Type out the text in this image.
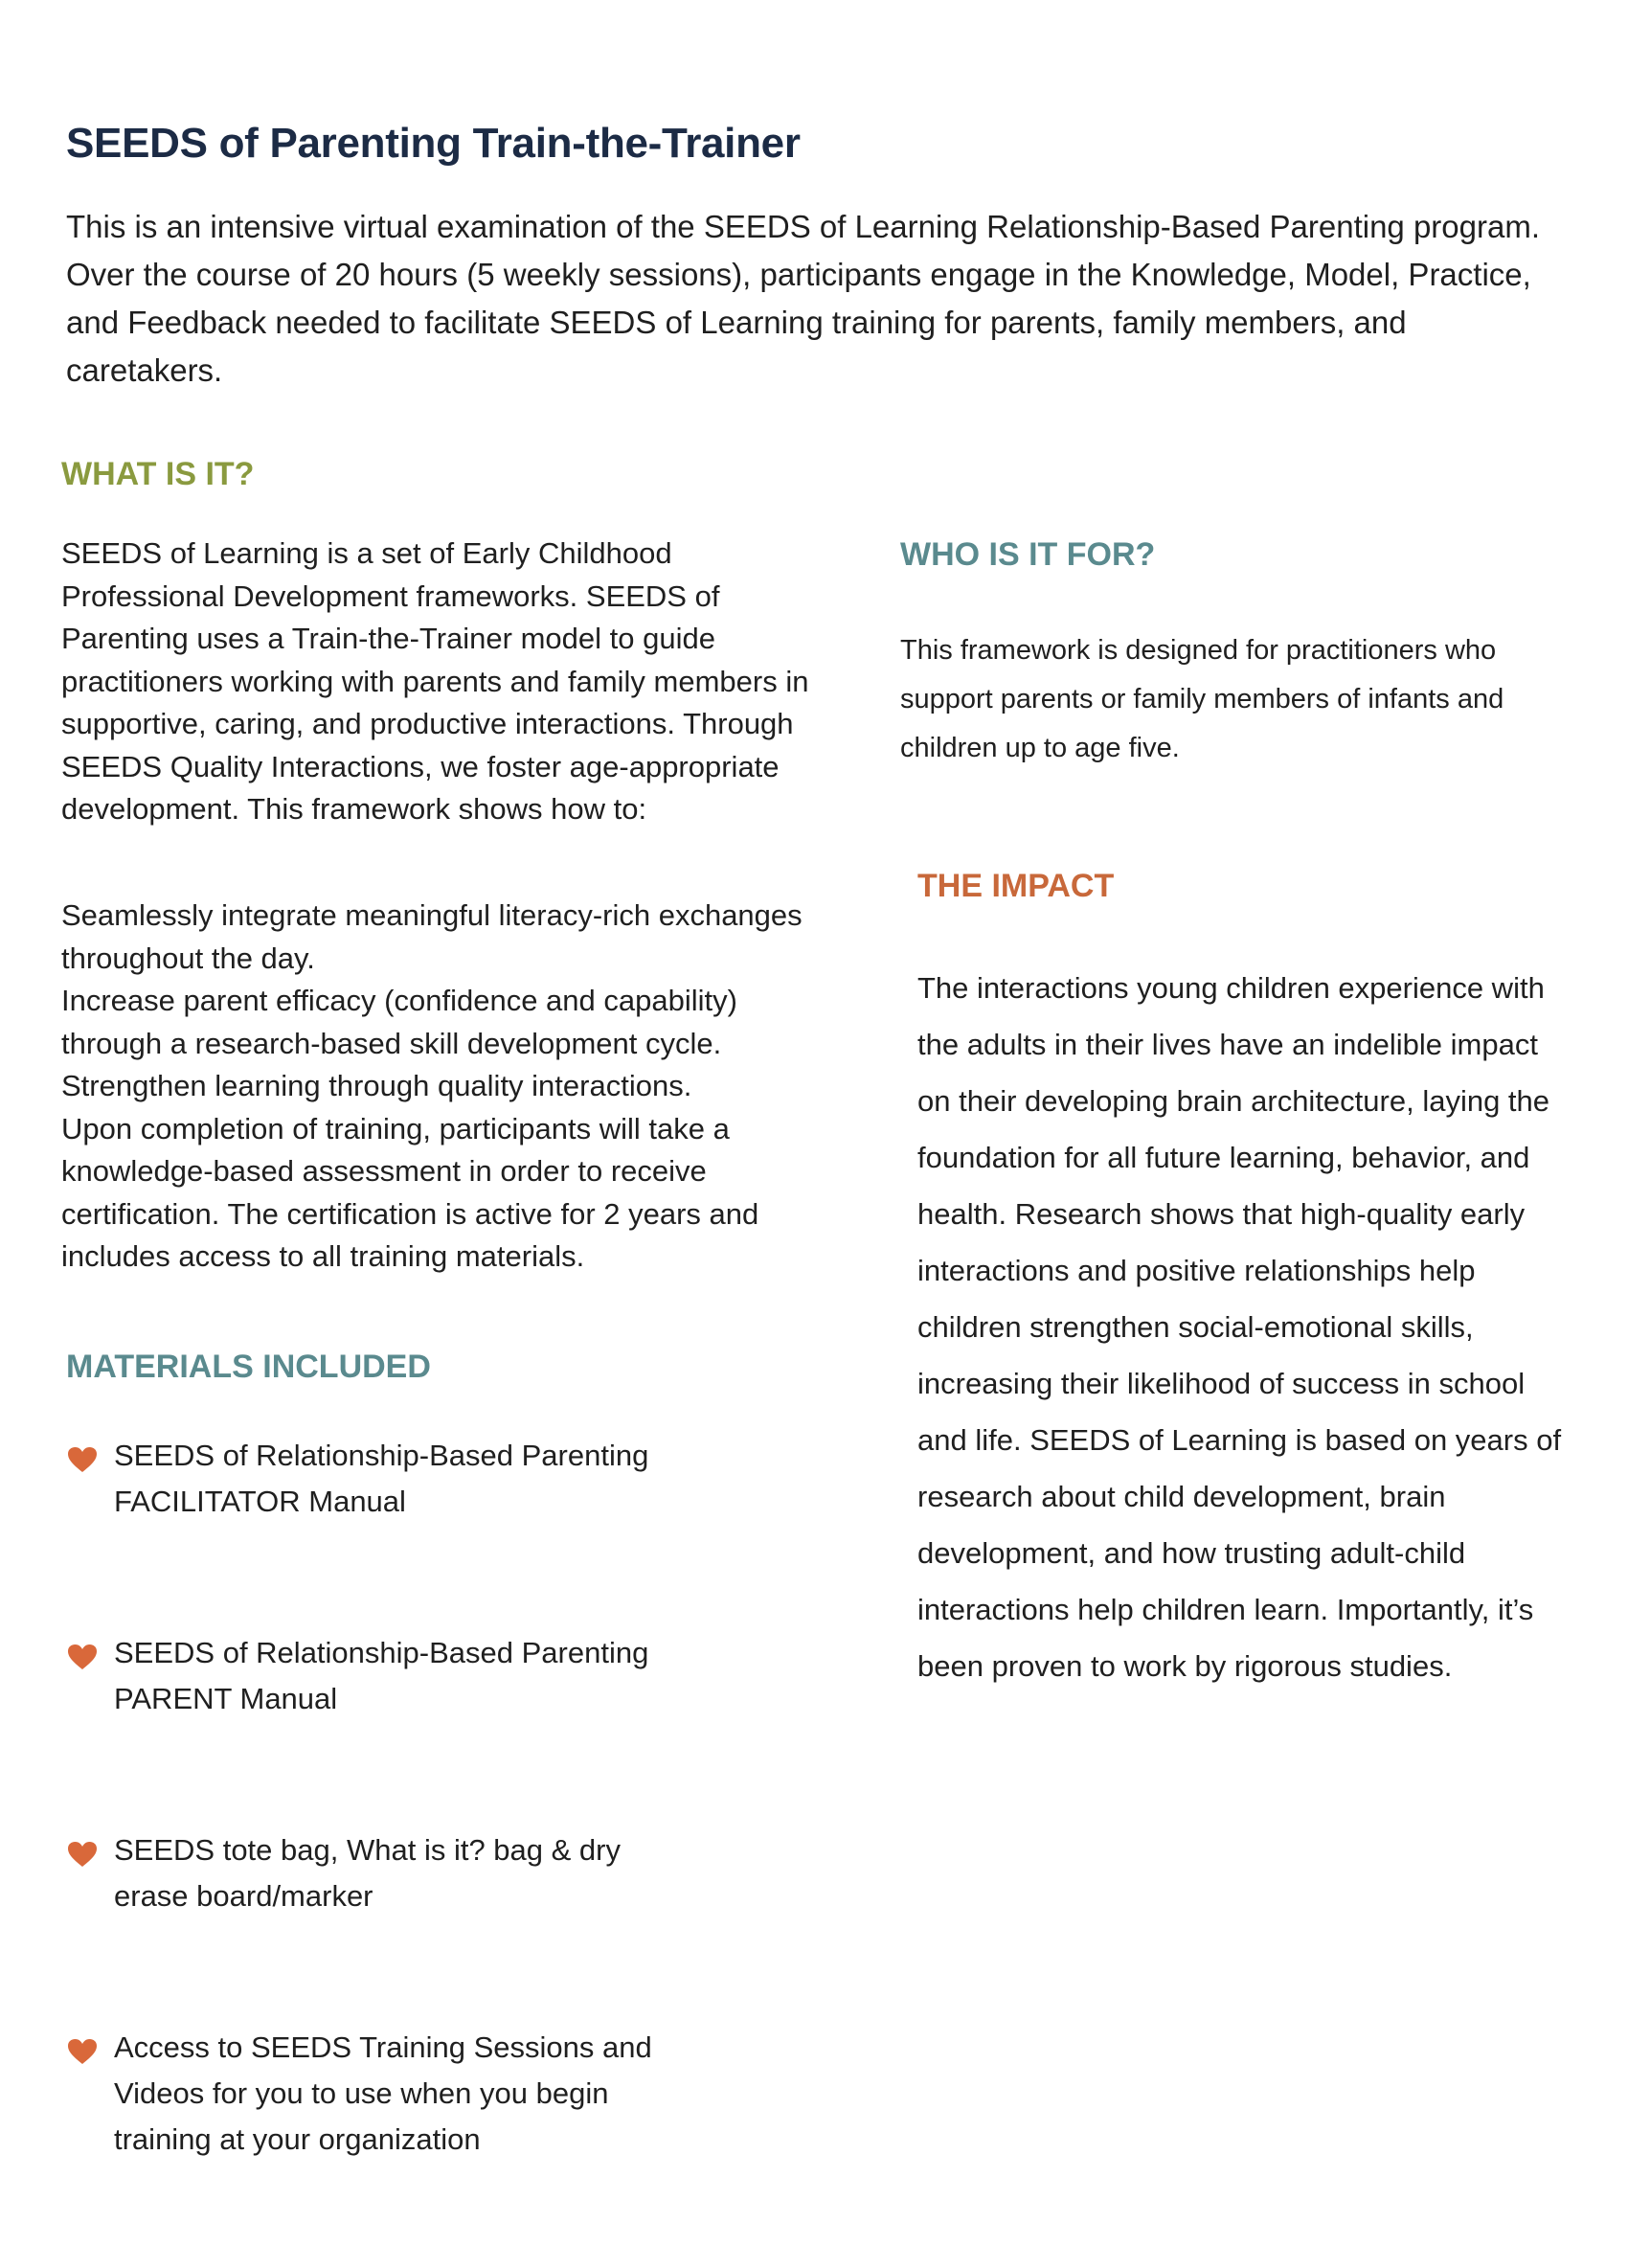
SEEDS of Parenting Train-the-Trainer

This is an intensive virtual examination of the SEEDS of Learning Relationship-Based Parenting program. Over the course of 20 hours (5 weekly sessions), participants engage in the Knowledge, Model, Practice, and Feedback needed to facilitate SEEDS of Learning training for parents, family members, and caretakers.

WHAT IS IT?

SEEDS of Learning is a set of Early Childhood Professional Development frameworks. SEEDS of Parenting uses a Train-the-Trainer model to guide practitioners working with parents and family members in supportive, caring, and productive interactions. Through SEEDS Quality Interactions, we foster age-appropriate development. This framework shows how to:

Seamlessly integrate meaningful literacy-rich exchanges throughout the day.

Increase parent efficacy (confidence and capability) through a research-based skill development cycle.

Strengthen learning through quality interactions.

Upon completion of training, participants will take a knowledge-based assessment in order to receive certification. The certification is active for 2 years and includes access to all training materials.

MATERIALS INCLUDED
SEEDS of Relationship-Based Parenting
FACILITATOR Manual
SEEDS of Relationship-Based Parenting
PARENT Manual
SEEDS tote bag, What is it? bag & dry
erase board/marker
Access to SEEDS Training Sessions and
Videos for you to use when you begin
training at your organization
WHO IS IT FOR?

This framework is designed for practitioners who support parents or family members of infants and children up to age five.

THE IMPACT

The interactions young children experience with the adults in their lives have an indelible impact on their developing brain architecture, laying the foundation for all future learning, behavior, and health. Research shows that high-quality early interactions and positive relationships help children strengthen social-emotional skills, increasing their likelihood of success in school and life. SEEDS of Learning is based on years of research about child development, brain development, and how trusting adult-child interactions help children learn. Importantly, it’s been proven to work by rigorous studies.
